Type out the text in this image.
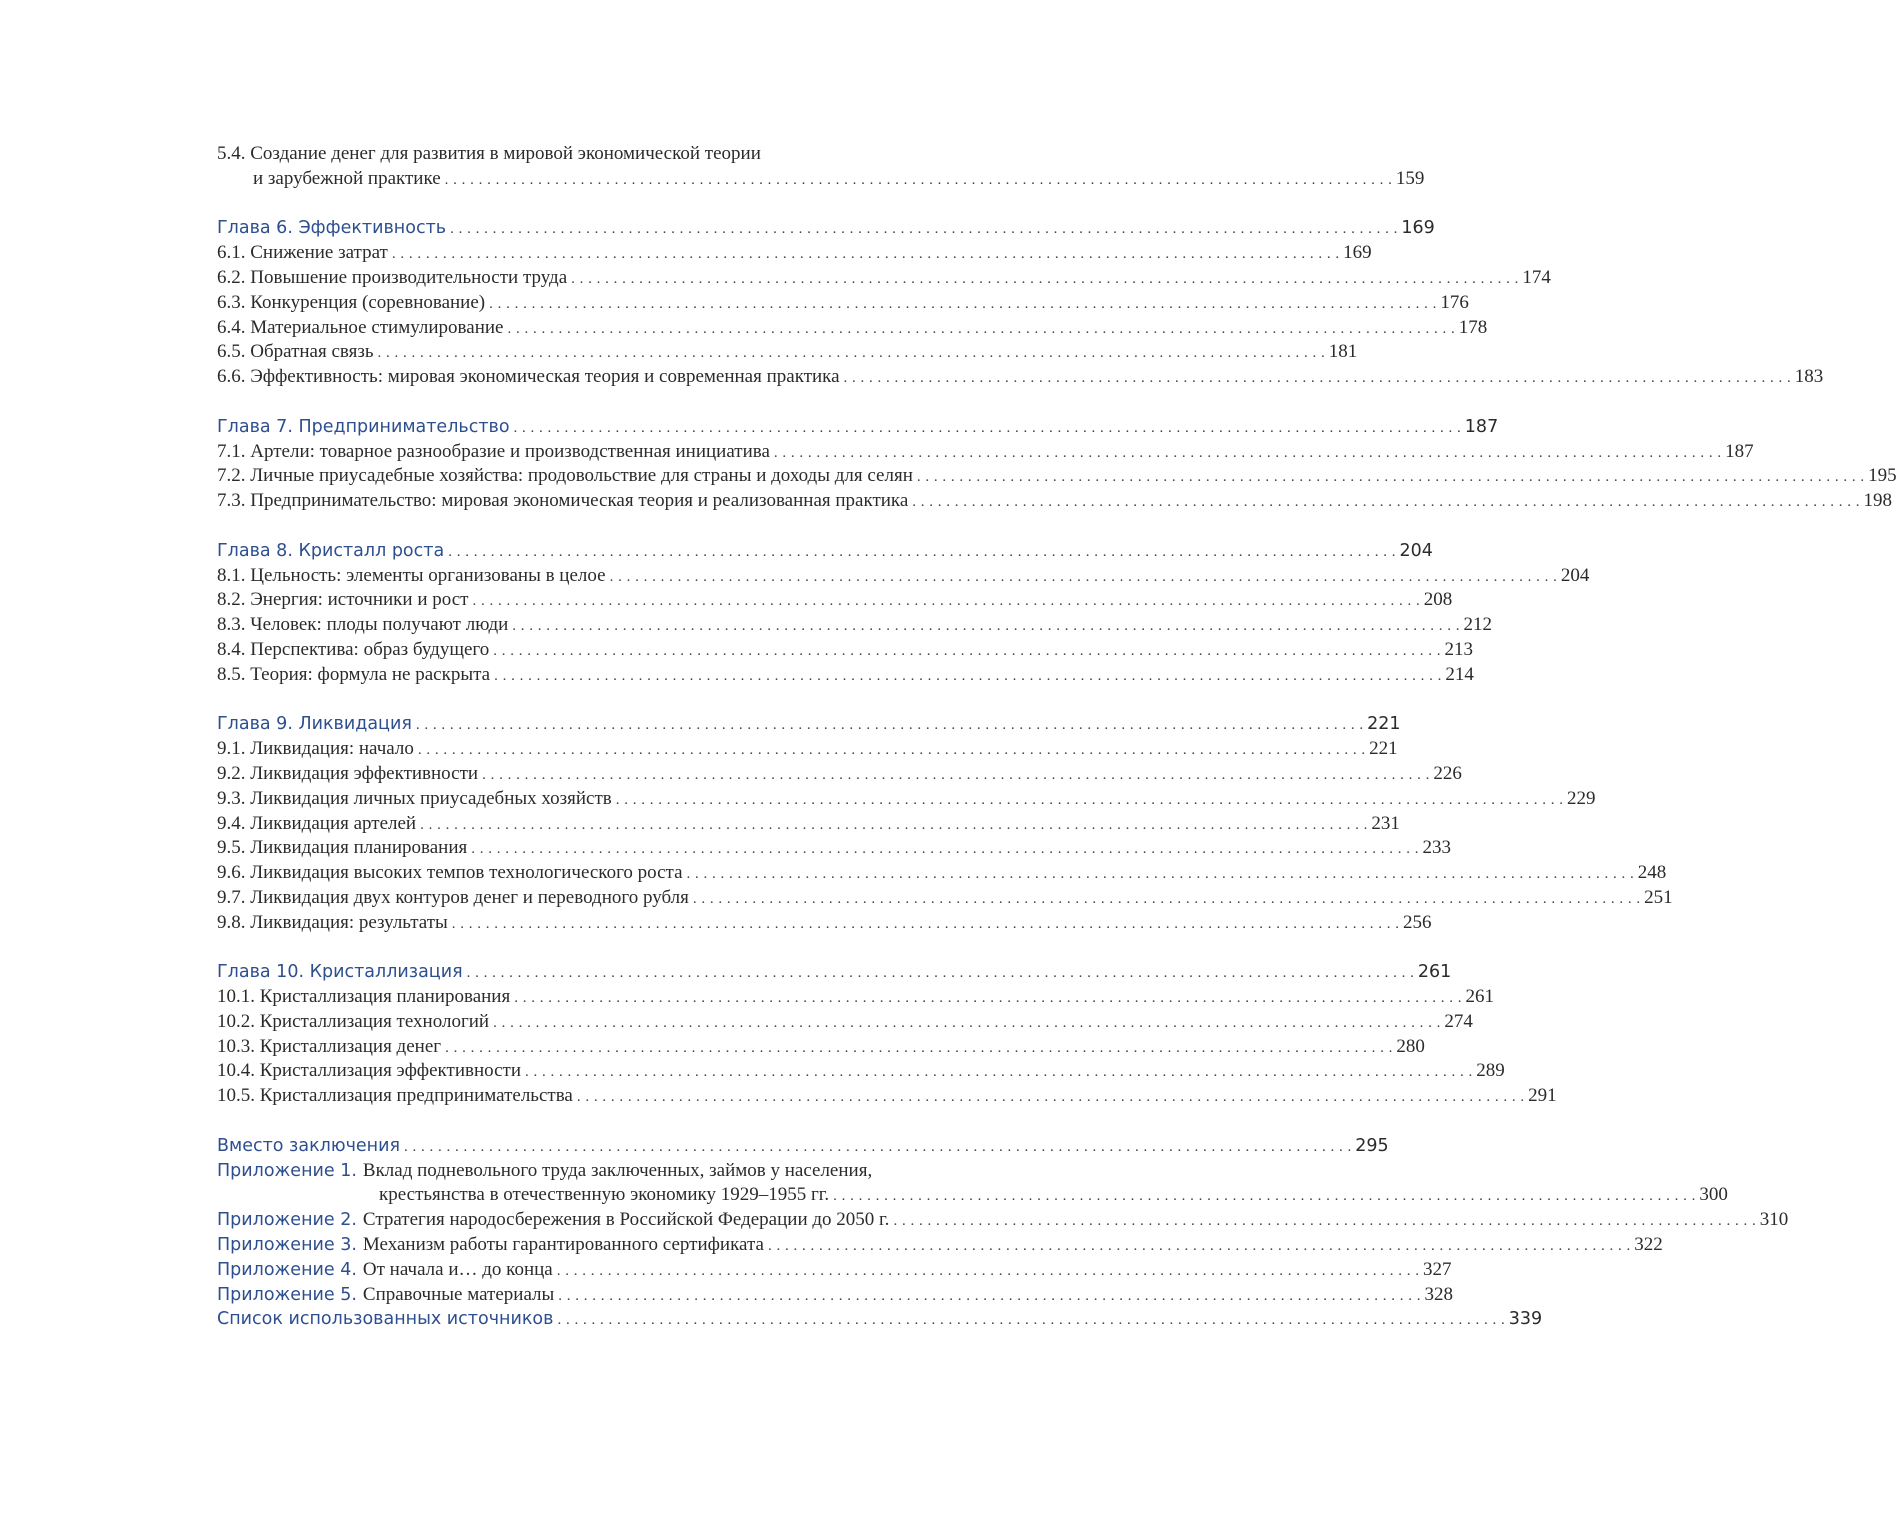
5.4. Создание денег для развития в мировой экономической теории
и зарубежной практике . . .	159
Глава 6. Эффективность . . .	169
6.1. Снижение затрат . . .	169
6.2. Повышение производительности труда . . .	174
6.3. Конкуренция (соревнование) . . .	176
6.4. Материальное стимулирование . . .	178
6.5. Обратная связь . . .	181
6.6. Эффективность: мировая экономическая теория и современная практика . . .	183
Глава 7. Предпринимательство . . .	187
7.1. Артели: товарное разнообразие и производственная инициатива . . .	187
7.2. Личные приусадебные хозяйства: продовольствие для страны и доходы для селян . . .	195
7.3. Предпринимательство: мировая экономическая теория и реализованная практика . . .	198
Глава 8. Кристалл роста . . .	204
8.1. Цельность: элементы организованы в целое . . .	204
8.2. Энергия: источники и рост . . .	208
8.3. Человек: плоды получают люди . . .	212
8.4. Перспектива: образ будущего . . .	213
8.5. Теория: формула не раскрыта . . .	214
Глава 9. Ликвидация . . .	221
9.1. Ликвидация: начало . . .	221
9.2. Ликвидация эффективности . . .	226
9.3. Ликвидация личных приусадебных хозяйств . . .	229
9.4. Ликвидация артелей . . .	231
9.5. Ликвидация планирования . . .	233
9.6. Ликвидация высоких темпов технологического роста . . .	248
9.7. Ликвидация двух контуров денег и переводного рубля . . .	251
9.8. Ликвидация: результаты . . .	256
Глава 10. Кристаллизация . . .	261
10.1. Кристаллизация планирования . . .	261
10.2. Кристаллизация технологий . . .	274
10.3. Кристаллизация денег . . .	280
10.4. Кристаллизация эффективности . . .	289
10.5. Кристаллизация предпринимательства . . .	291
Вместо заключения . . .	295
Приложение 1. Вклад подневольного труда заключенных, займов у населения,
крестьянства в отечественную экономику 1929–1955 гг. . . .	300
Приложение 2. Стратегия народосбережения в Российской Федерации до 2050 г. . . .	310
Приложение 3. Механизм работы гарантированного сертификата . . .	322
Приложение 4. От начала и… до конца . . .	327
Приложение 5. Справочные материалы . . .	328
Список использованных источников . . .	339
